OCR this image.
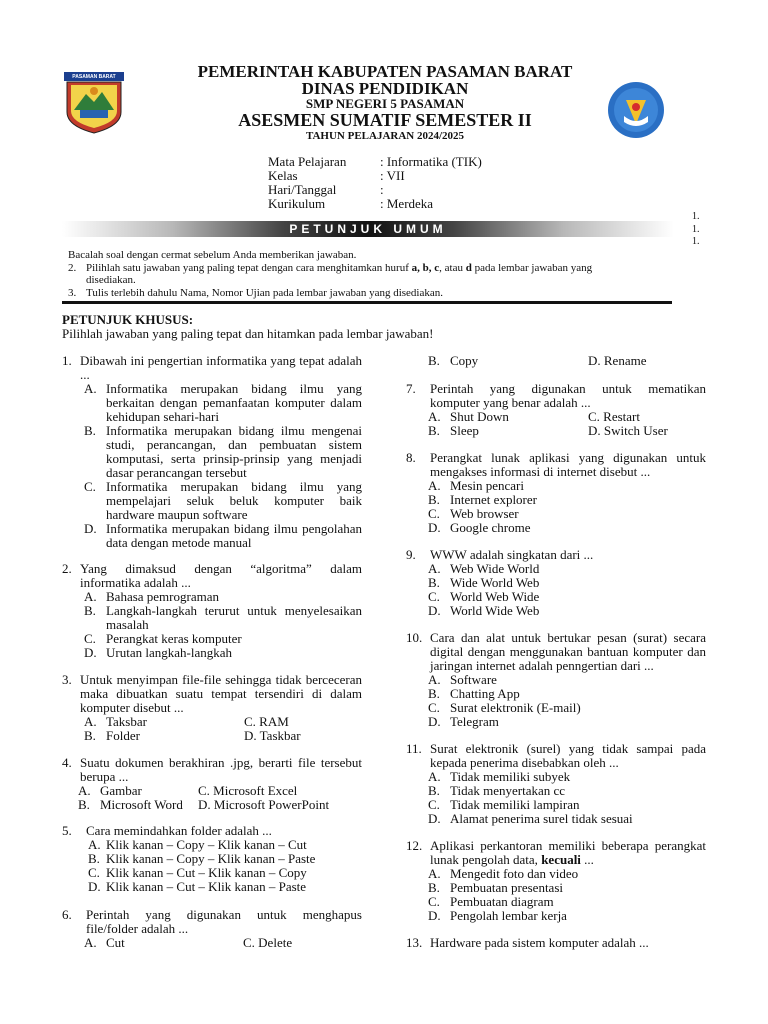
PASAMAN BARAT	PEMERINTAH KABUPATEN PASAMAN BARAT
DINAS PENDIDIKAN
SMP NEGERI 5 PASAMAN
ASESMEN SUMATIF SEMESTER II
TAHUN PELAJARAN 2024/2025
Mata Pelajaran	: Informatika (TIK)
Kelas	: VII
Hari/Tanggal	:
Kurikulum	: Merdeka
PETUNJUK UMUM
1.
1.
1.
Bacalah soal dengan cermat sebelum Anda memberikan jawaban.
2. Pilihlah satu jawaban yang paling tepat dengan cara menghitamkan huruf a, b, c, atau d pada lembar jawaban yang
disediakan.
3. Tulis terlebih dahulu Nama, Nomor Ujian pada lembar jawaban yang disediakan.
PETUNJUK KHUSUS:
Pilihlah jawaban yang paling tepat dan hitamkan pada lembar jawaban!
1. Dibawah ini pengertian informatika yang tepat adalah ...
A. Informatika merupakan bidang ilmu yang berkaitan dengan pemanfaatan komputer dalam kehidupan sehari-hari
B. Informatika merupakan bidang ilmu mengenai studi, perancangan, dan pembuatan sistem komputasi, serta prinsip-prinsip yang menjadi dasar perancangan tersebut
C. Informatika merupakan bidang ilmu yang mempelajari seluk beluk komputer baik hardware maupun software
D. Informatika merupakan bidang ilmu pengolahan data dengan metode manual
2. Yang dimaksud dengan “algoritma” dalam informatika adalah ...
A. Bahasa pemrograman
B. Langkah-langkah terurut untuk menyelesaikan masalah
C. Perangkat keras komputer
D. Urutan langkah-langkah
3. Untuk menyimpan file-file sehingga tidak berceceran maka dibuatkan suatu tempat tersendiri di dalam komputer disebut ...
A. Taksbar	C. RAM
B. Folder	D. Taskbar
4. Suatu dokumen berakhiran .jpg, berarti file tersebut berupa ...
A. Gambar	C. Microsoft Excel
B. Microsoft Word	D. Microsoft PowerPoint
5. Cara memindahkan folder adalah ...
A. Klik kanan – Copy – Klik kanan – Cut
B. Klik kanan – Copy – Klik kanan – Paste
C. Klik kanan – Cut – Klik kanan – Copy
D. Klik kanan – Cut – Klik kanan – Paste
6. Perintah yang digunakan untuk menghapus file/folder adalah ...
A. Cut	C. Delete
B. Copy	D. Rename
7. Perintah yang digunakan untuk mematikan komputer yang benar adalah ...
A. Shut Down	C. Restart
B. Sleep	D. Switch User
8. Perangkat lunak aplikasi yang digunakan untuk mengakses informasi di internet disebut ...
A. Mesin pencari
B. Internet explorer
C. Web browser
D. Google chrome
9. WWW adalah singkatan dari ...
A. Web Wide World
B. Wide World Web
C. World Web Wide
D. World Wide Web
10. Cara dan alat untuk bertukar pesan (surat) secara digital dengan menggunakan bantuan komputer dan jaringan internet adalah penngertian dari ...
A. Software
B. Chatting App
C. Surat elektronik (E-mail)
D. Telegram
11. Surat elektronik (surel) yang tidak sampai pada kepada penerima disebabkan oleh ...
A. Tidak memiliki subyek
B. Tidak menyertakan cc
C. Tidak memiliki lampiran
D. Alamat penerima surel tidak sesuai
12. Aplikasi perkantoran memiliki beberapa perangkat lunak pengolah data, kecuali ...
A. Mengedit foto dan video
B. Pembuatan presentasi
C. Pembuatan diagram
D. Pengolah lembar kerja
13. Hardware pada sistem komputer adalah ...
